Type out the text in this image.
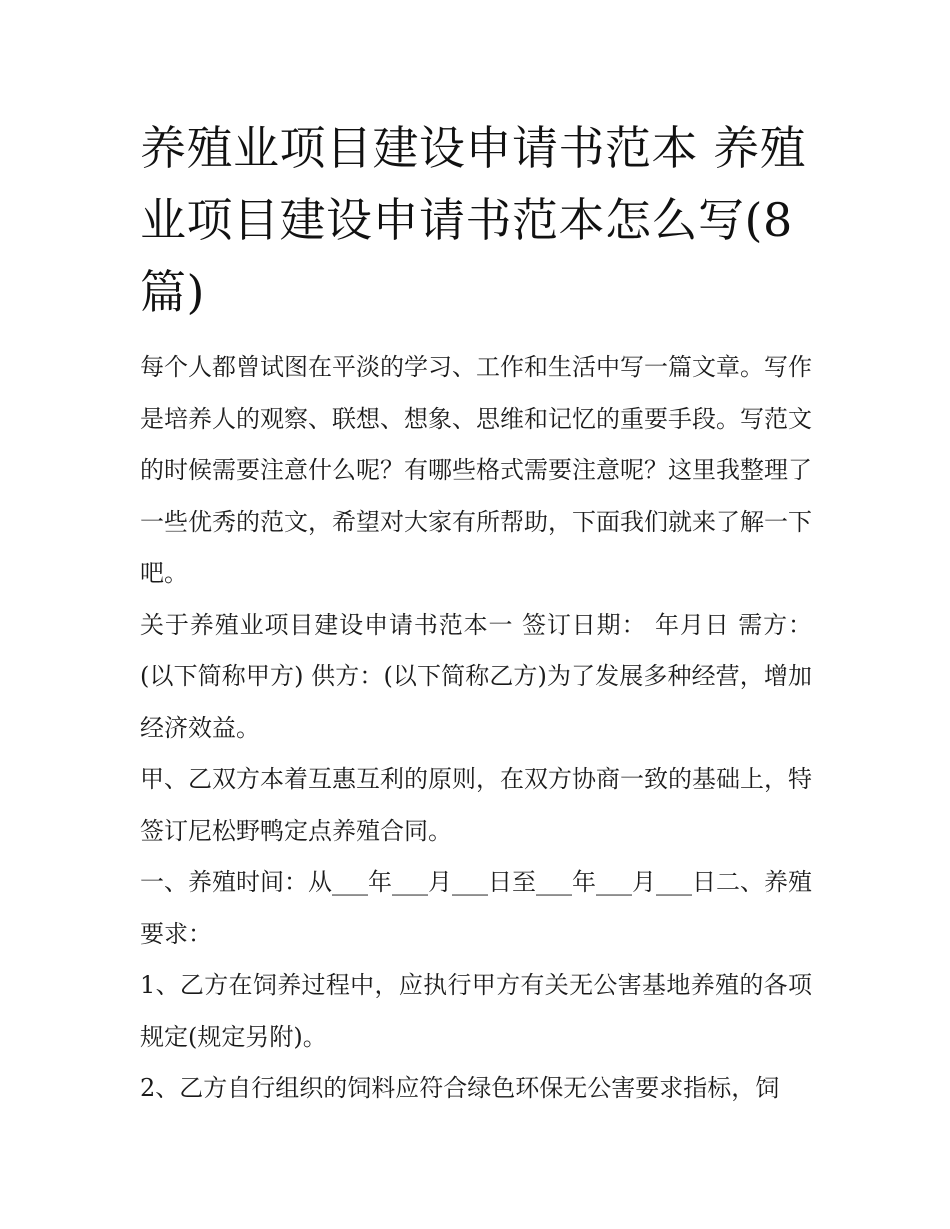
养殖业项目建设申请书范本 养殖业项目建设申请书范本怎么写(8篇)

每个人都曾试图在平淡的学习、工作和生活中写一篇文章。写作是培养人的观察、联想、想象、思维和记忆的重要手段。写范文的时候需要注意什么呢？有哪些格式需要注意呢？这里我整理了一些优秀的范文，希望对大家有所帮助，下面我们就来了解一下吧。

关于养殖业项目建设申请书范本一 签订日期： 年月日 需方：(以下简称甲方) 供方：(以下简称乙方)为了发展多种经营，增加经济效益。

甲、乙双方本着互惠互利的原则，在双方协商一致的基础上，特签订尼松野鸭定点养殖合同。

一、养殖时间：从___年___月___日至___年___月___日二、养殖要求：

1、乙方在饲养过程中，应执行甲方有关无公害基地养殖的各项规定(规定另附)。

2、乙方自行组织的饲料应符合绿色环保无公害要求指标，饲
